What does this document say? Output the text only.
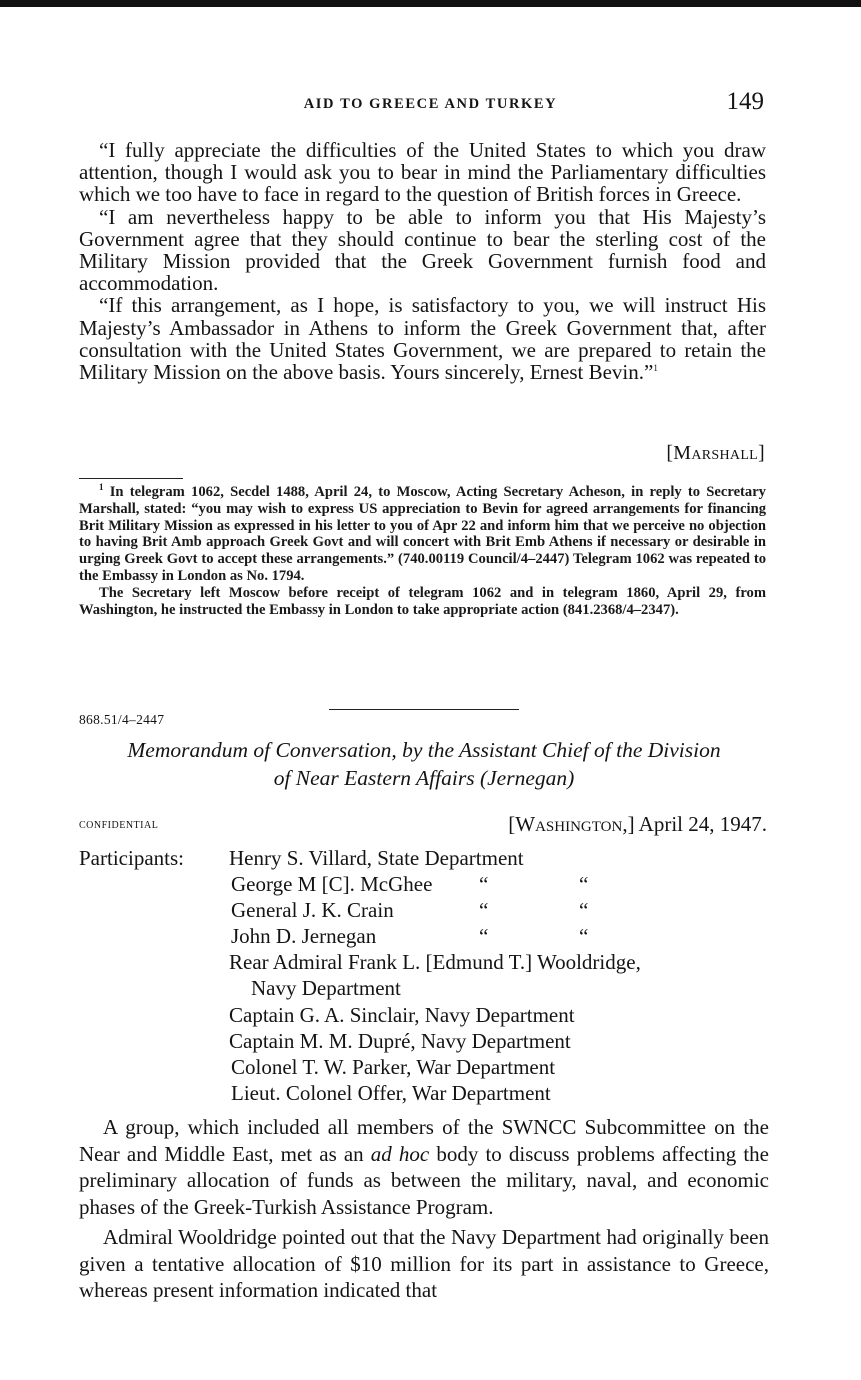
AID TO GREECE AND TURKEY	149

“I fully appreciate the difficulties of the United States to which you draw attention, though I would ask you to bear in mind the Parliamentary difficulties which we too have to face in regard to the question of British forces in Greece.

“I am nevertheless happy to be able to inform you that His Majesty’s Government agree that they should continue to bear the sterling cost of the Military Mission provided that the Greek Government furnish food and accommodation.

“If this arrangement, as I hope, is satisfactory to you, we will instruct His Majesty’s Ambassador in Athens to inform the Greek Government that, after consultation with the United States Government, we are prepared to retain the Military Mission on the above basis. Yours sincerely, Ernest Bevin.”$^1$

[Marshall]

$^1$ In telegram 1062, Secdel 1488, April 24, to Moscow, Acting Secretary Acheson, in reply to Secretary Marshall, stated: “you may wish to express US appreciation to Bevin for agreed arrangements for financing Brit Military Mission as expressed in his letter to you of Apr 22 and inform him that we perceive no objection to having Brit Amb approach Greek Govt and will concert with Brit Emb Athens if necessary or desirable in urging Greek Govt to accept these arrangements.” (740.00119 Council/4–2447) Telegram 1062 was repeated to the Embassy in London as No. 1794.

The Secretary left Moscow before receipt of telegram 1062 and in telegram 1860, April 29, from Washington, he instructed the Embassy in London to take appropriate action (841.2368/4–2347).

868.51/4–2447
Memorandum of Conversation, by the Assistant Chief of the Division
of Near Eastern Affairs (Jernegan)
confidential	[Washington,] April 24, 1947.
Participants: Henry S. Villard, State Department
George M [C]. McGhee “	“
General J. K. Crain	“	“
John D. Jernegan	“	“
Rear Admiral Frank L. [Edmund T.] Wooldridge,
Navy Department
Captain G. A. Sinclair, Navy Department
Captain M. M. Dupré, Navy Department
Colonel T. W. Parker, War Department
Lieut. Colonel Offer, War Department

A group, which included all members of the SWNCC Subcommittee on the Near and Middle East, met as an ad hoc body to discuss problems affecting the preliminary allocation of funds as between the military, naval, and economic phases of the Greek-Turkish Assistance Program.

Admiral Wooldridge pointed out that the Navy Department had originally been given a tentative allocation of $10 million for its part in assistance to Greece, whereas present information indicated that
